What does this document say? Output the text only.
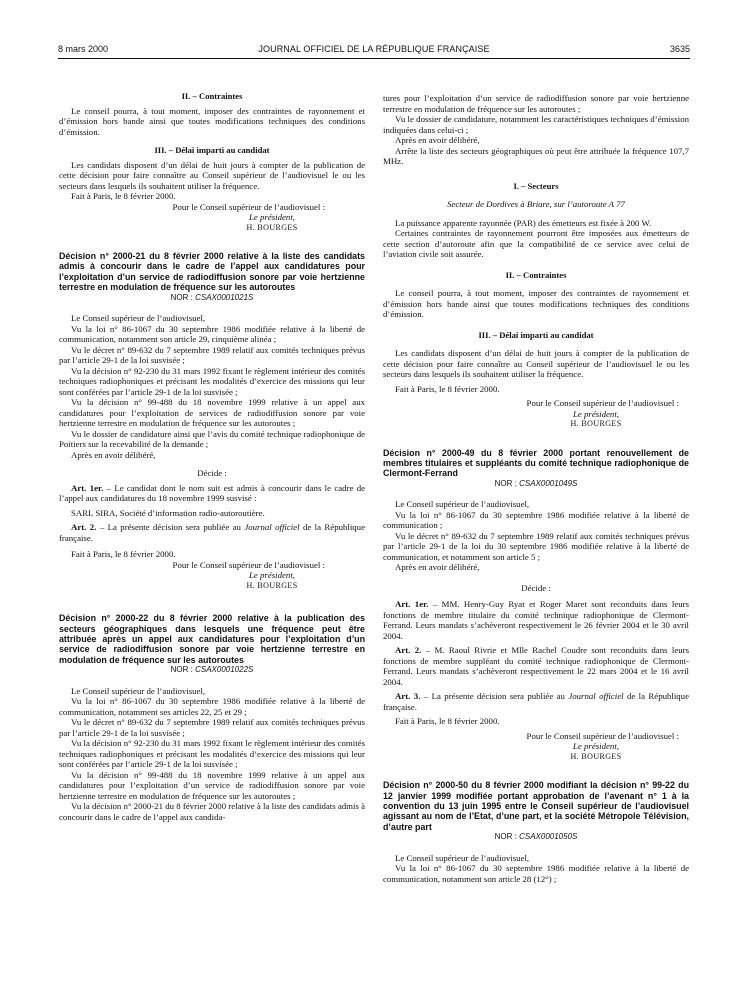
8 mars 2000	JOURNAL OFFICIEL DE LA RÉPUBLIQUE FRANÇAISE	3635
II. – Contraintes

Le conseil pourra, à tout moment, imposer des contraintes de rayonnement et d’émission hors bande ainsi que toutes modifications techniques des conditions d’émission.

III. – Délai imparti au candidat

Les candidats disposent d’un délai de huit jours à compter de la publication de cette décision pour faire connaître au Conseil supérieur de l’audiovisuel le ou les secteurs dans lesquels ils souhaitent utiliser la fréquence.

Fait à Paris, le 8 février 2000.

Pour le Conseil supérieur de l’audiovisuel :
Le président,
H. BOURGES

Décision n° 2000-21 du 8 février 2000 relative à la liste des candidats admis à concourir dans le cadre de l’appel aux candidatures pour l’exploitation d’un service de radiodiffusion sonore par voie hertzienne terrestre en modulation de fréquence sur les autoroutes

NOR : CSAX0001021S

Le Conseil supérieur de l’audiovisuel,

Vu la loi n° 86-1067 du 30 septembre 1986 modifiée relative à la liberté de communication, notamment son article 29, cinquième alinéa ;

Vu le décret n° 89-632 du 7 septembre 1989 relatif aux comités techniques prévus par l’article 29-1 de la loi susvisée ;

Vu la décision n° 92-230 du 31 mars 1992 fixant le règlement intérieur des comités techniques radiophoniques et précisant les modalités d’exercice des missions qui leur sont conférées par l’article 29-1 de la loi susvisée ;

Vu la décision n° 99-488 du 18 novembre 1999 relative à un appel aux candidatures pour l’exploitation de services de radiodiffusion sonore par voie hertzienne terrestre en modulation de fréquence sur les autoroutes ;

Vu le dossier de candidature ainsi que l’avis du comité technique radiophonique de Poitiers sur la recevabilité de la demande ;

Après en avoir délibéré,

Décide :

Art. 1er. – Le candidat dont le nom suit est admis à concourir dans le cadre de l’appel aux candidatures du 18 novembre 1999 susvisé :

SARL SIRA, Société d’information radio-autoroutière.

Art. 2. – La présente décision sera publiée au Journal officiel de la République française.

Fait à Paris, le 8 février 2000.

Pour le Conseil supérieur de l’audiovisuel :
Le président,
H. BOURGES

Décision n° 2000-22 du 8 février 2000 relative à la publication des secteurs géographiques dans lesquels une fréquence peut être attribuée après un appel aux candidatures pour l’exploitation d’un service de radiodiffusion sonore par voie hertzienne terrestre en modulation de fréquence sur les autoroutes

NOR : CSAX0001022S

Le Conseil supérieur de l’audiovisuel,

Vu la loi n° 86-1067 du 30 septembre 1986 modifiée relative à la liberté de communication, notamment ses articles 22, 25 et 29 ;

Vu le décret n° 89-632 du 7 septembre 1989 relatif aux comités techniques prévus par l’article 29-1 de la loi susvisée ;

Vu la décision n° 92-230 du 31 mars 1992 fixant le règlement intérieur des comités techniques radiophoniques et précisant les modalités d’exercice des missions qui leur sont conférées par l’article 29-1 de la loi susvisée ;

Vu la décision n° 99-488 du 18 novembre 1999 relative à un appel aux candidatures pour l’exploitation d’un service de radiodiffusion sonore par voie hertzienne terrestre en modulation de fréquence sur les autoroutes ;

Vu la décision n° 2000-21 du 8 février 2000 relative à la liste des candidats admis à concourir dans le cadre de l’appel aux candida-

tures pour l’exploitation d’un service de radiodiffusion sonore par voie hertzienne terrestre en modulation de fréquence sur les autoroutes ;

Vu le dossier de candidature, notamment les caractéristiques techniques d’émission indiquées dans celui-ci ;

Après en avoir délibéré,

Arrête la liste des secteurs géographiques où peut être attribuée la fréquence 107,7 MHz.

I. – Secteurs
Secteur de Dordives à Briare, sur l’autoroute A 77

La puissance apparente rayonnée (PAR) des émetteurs est fixée à 200 W.

Certaines contraintes de rayonnement pourront être imposées aux émetteurs de cette section d’autoroute afin que la compatibilité de ce service avec celui de l’aviation civile soit assurée.

II. – Contraintes

Le conseil pourra, à tout moment, imposer des contraintes de rayonnement et d’émission hors bande ainsi que toutes modifications techniques des conditions d’émission.

III. – Délai imparti au candidat

Les candidats disposent d’un délai de huit jours à compter de la publication de cette décision pour faire connaître au Conseil supérieur de l’audiovisuel le ou les secteurs dans lesquels ils souhaitent utiliser la fréquence.

Fait à Paris, le 8 février 2000.

Pour le Conseil supérieur de l’audiovisuel :
Le président,
H. BOURGES

Décision n° 2000-49 du 8 février 2000 portant renouvellement de membres titulaires et suppléants du comité technique radiophonique de Clermont-Ferrand

NOR : CSAX0001049S

Le Conseil supérieur de l’audiovisuel,

Vu la loi n° 86-1067 du 30 septembre 1986 modifiée relative à la liberté de communication ;

Vu le décret n° 89-632 du 7 septembre 1989 relatif aux comités techniques prévus par l’article 29-1 de la loi du 30 septembre 1986 modifiée relative à la liberté de communication, et notamment son article 5 ;

Après en avoir délibéré,

Décide :

Art. 1er. – MM. Henry-Guy Ryat et Roger Maret sont reconduits dans leurs fonctions de membre titulaire du comité technique radiophonique de Clermont-Ferrand. Leurs mandats s’achèveront respectivement le 26 février 2004 et le 30 avril 2004.

Art. 2. – M. Raoul Rivrie et Mlle Rachel Coudre sont reconduits dans leurs fonctions de membre suppléant du comité technique radiophonique de Clermont-Ferrand. Leurs mandats s’achèveront respectivement le 22 mars 2004 et le 16 avril 2004.

Art. 3. – La présente décision sera publiée au Journal officiel de la République française.

Fait à Paris, le 8 février 2000.

Pour le Conseil supérieur de l’audiovisuel :
Le président,
H. BOURGES

Décision n° 2000-50 du 8 février 2000 modifiant la décision n° 99-22 du 12 janvier 1999 modifiée portant approbation de l’avenant n° 1 à la convention du 13 juin 1995 entre le Conseil supérieur de l’audiovisuel agissant au nom de l’Etat, d’une part, et la société Métropole Télévision, d’autre part

NOR : CSAX0001050S

Le Conseil supérieur de l’audiovisuel,

Vu la loi n° 86-1067 du 30 septembre 1986 modifiée relative à la liberté de communication, notamment son article 28 (12°) ;
